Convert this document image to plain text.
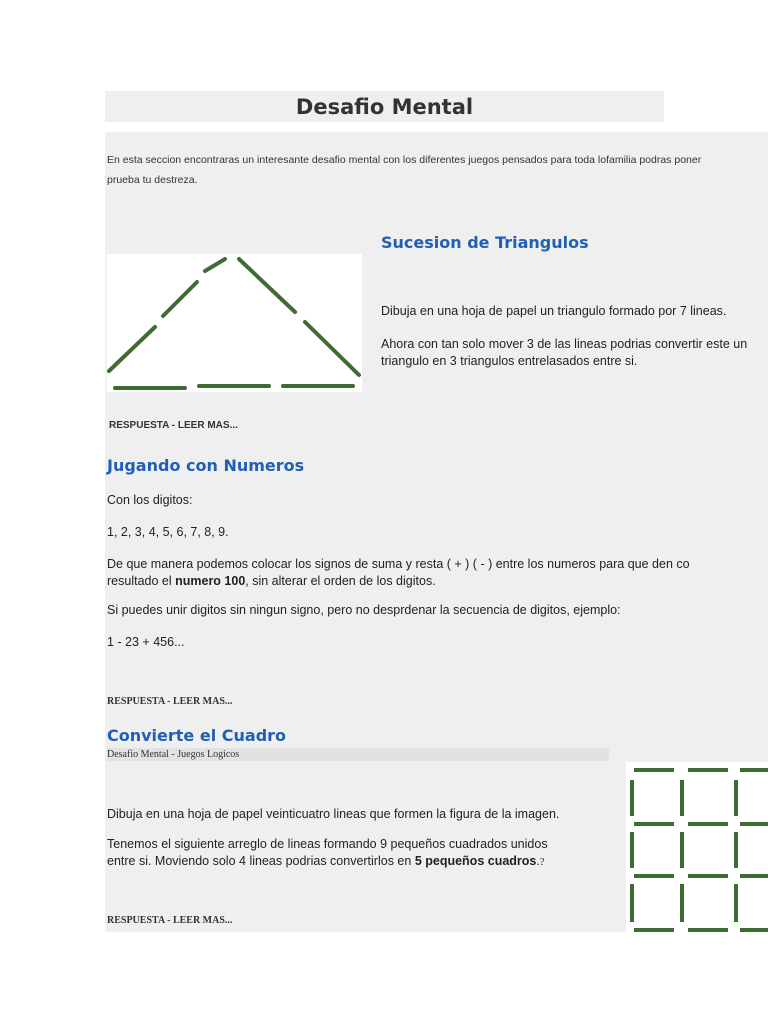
Desafio Mental

En esta seccion encontraras un interesante desafio mental con los diferentes juegos pensados para toda lofamilia podras poner
prueba tu destreza.

Sucesion de Triangulos

Dibuja en una hoja de papel un triangulo formado por 7 lineas.

Ahora con tan solo mover 3 de las lineas podrias convertir este un
triangulo en 3 triangulos entrelasados entre si.

RESPUESTA - LEER MAS...
Jugando con Numeros

Con los digitos:

1, 2, 3, 4, 5, 6, 7, 8, 9.

De que manera podemos colocar los signos de suma y resta ( + ) ( - ) entre los numeros para que den co
resultado el numero 100, sin alterar el orden de los digitos.

Si puedes unir digitos sin ningun signo, pero no desprdenar la secuencia de digitos, ejemplo:

1 - 23 + 456...

RESPUESTA - LEER MAS...
Convierte el Cuadro
Desafio Mental - Juegos Logicos

Dibuja en una hoja de papel veinticuatro lineas que formen la figura de la imagen.

Tenemos el siguiente arreglo de lineas formando 9 pequeños cuadrados unidos
entre si. Moviendo solo 4 lineas podrias convertirlos en 5 pequeños cuadros.?

RESPUESTA - LEER MAS...
